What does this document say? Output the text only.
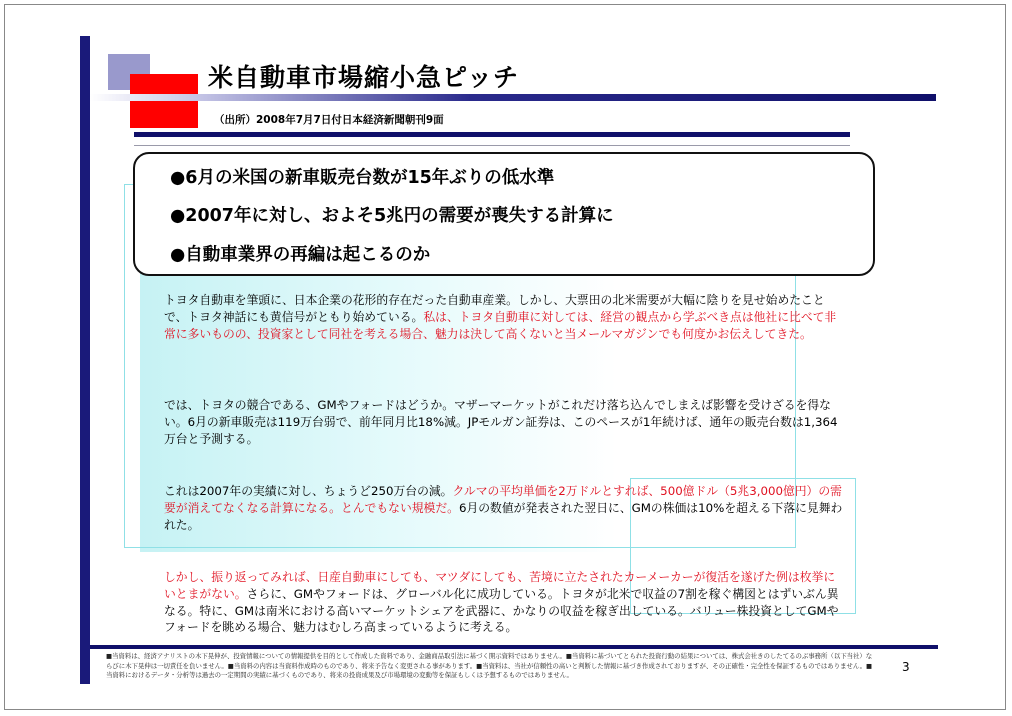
米自動車市場縮小急ピッチ
（出所）2008年7月7日付日本経済新聞朝刊9面
●6月の米国の新車販売台数が15年ぶりの低水準
●2007年に対し、およそ5兆円の需要が喪失する計算に
●自動車業界の再編は起こるのか
トヨタ自動車を筆頭に、日本企業の花形的存在だった自動車産業。しかし、大票田の北米需要が大幅に陰りを見せ始めたことで、トヨタ神話にも黄信号がともり始めている。私は、トヨタ自動車に対しては、経営の観点から学ぶべき点は他社に比べて非常に多いものの、投資家として同社を考える場合、魅力は決して高くないと当メールマガジンでも何度かお伝えしてきた。
では、トヨタの競合である、GMやフォードはどうか。マザーマーケットがこれだけ落ち込んでしまえば影響を受けざるを得ない。6月の新車販売は119万台弱で、前年同月比18%減。JPモルガン証券は、このペースが1年続けば、通年の販売台数は1,364万台と予測する。
これは2007年の実績に対し、ちょうど250万台の減。クルマの平均単価を2万ドルとすれば、500億ドル（5兆3,000億円）の需要が消えてなくなる計算になる。とんでもない規模だ。6月の数値が発表された翌日に、GMの株価は10%を超える下落に見舞われた。
しかし、振り返ってみれば、日産自動車にしても、マツダにしても、苦境に立たされたカーメーカーが復活を遂げた例は枚挙にいとまがない。さらに、GMやフォードは、グローバル化に成功している。トヨタが北米で収益の7割を稼ぐ構図とはずいぶん異なる。特に、GMは南米における高いマーケットシェアを武器に、かなりの収益を稼ぎ出している。バリュー株投資としてGMやフォードを眺める場合、魅力はむしろ高まっているように考える。
■当資料は、経済アナリストの木下晃伸が、投資情報についての情報提供を目的として作成した資料であり、金融商品取引法に基づく開示資料ではありません。■当資料に基づいてとられた投資行動の結果については、株式会社きのしたてるのぶ事務所（以下当社）ならびに木下晃伸は一切責任を負いません。■当資料の内容は当資料作成時のものであり、将来予告なく変更される事があります。■当資料は、当社が信頼性の高いと判断した情報に基づき作成されておりますが、その正確性・完全性を保証するものではありません。■当資料におけるデータ・分析等は過去の一定期間の実績に基づくものであり、将来の投資成果及び市場環境の変動等を保証もしくは予想するものではありません。
3
